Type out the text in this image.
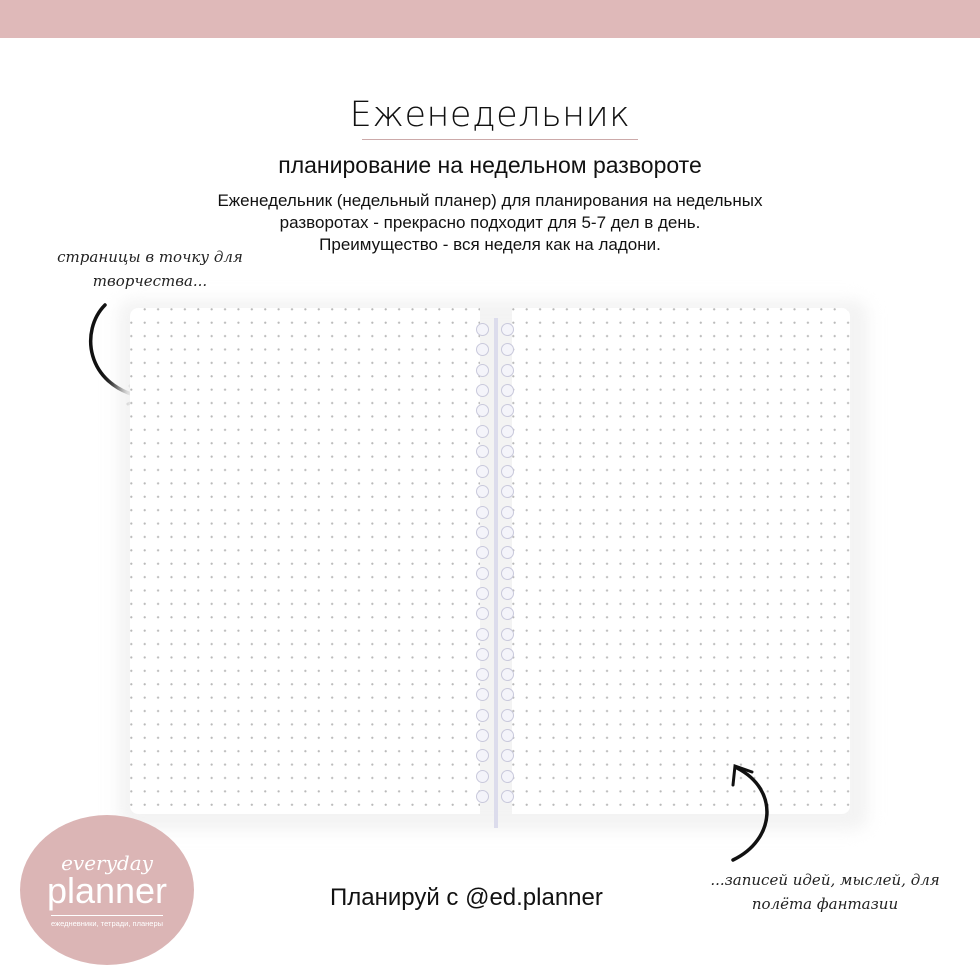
Еженедельник
планирование на недельном развороте
Еженедельник (недельный планер) для планирования на недельных
разворотах - прекрасно подходит для 5-7 дел в день.
Преимущество - вся неделя как на ладони.
страницы в точку для
творчества...
...записей идей, мыслей, для
полёта фантазии
everyday
planner
ежедневники, тетради, планеры
Планируй с @ed.planner
